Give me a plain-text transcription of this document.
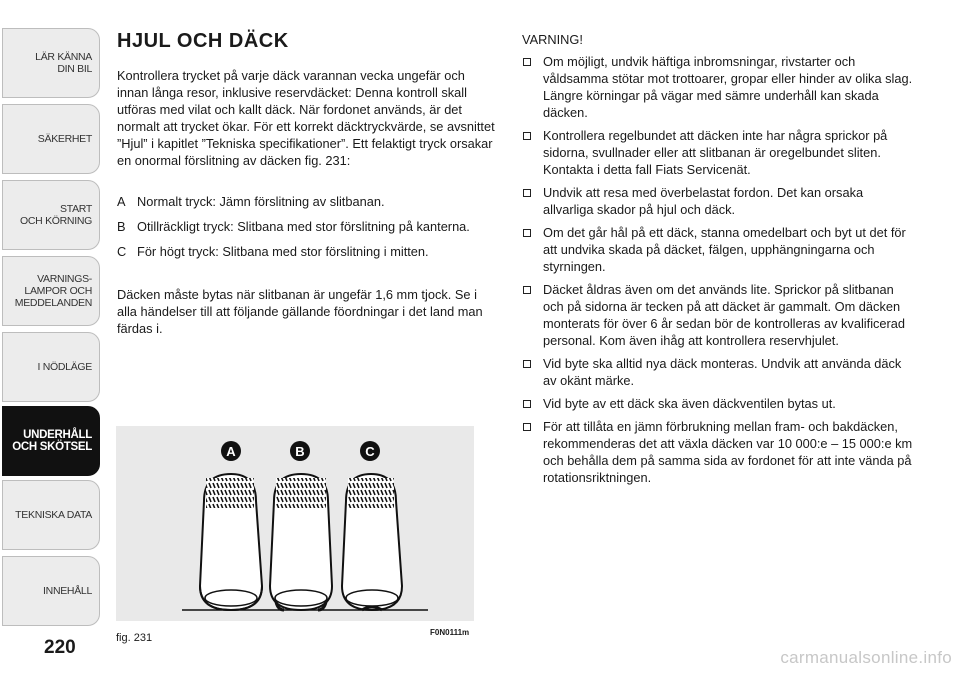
LÄR KÄNNA
DIN BIL
SÄKERHET
START
OCH KÖRNING
VARNINGS-
LAMPOR OCH
MEDDELANDEN
I NÖDLÄGE
UNDERHÅLL
OCH SKÖTSEL
TEKNISKA DATA
INNEHÅLL
220
HJUL OCH DÄCK

Kontrollera trycket på varje däck varannan vecka ungefär och innan långa resor, inklusive reservdäcket: Denna kontroll skall utföras med vilat och kallt däck. När fordonet används, är det normalt att trycket ökar. För ett korrekt däcktryckvärde, se avsnittet ”Hjul” i kapitlet ”Tekniska specifikationer”. Ett felaktigt tryck orsakar en onormal förslitning av däcken fig. 231:

A Normalt tryck: Jämn förslitning av slitbanan.
B Otillräckligt tryck: Slitbana med stor förslitning på kanterna.
C För högt tryck: Slitbana med stor förslitning i mitten.

Däcken måste bytas när slitbanan är ungefär 1,6 mm tjock. Se i alla händelser till att följande gällande föordningar i det land man färdas i.

A	B	C
fig. 231	F0N0111m

VARNING!

Om möjligt, undvik häftiga inbromsningar, rivstarter och våldsamma stötar mot trottoarer, gropar eller hinder av olika slag. Längre körningar på vägar med sämre underhåll kan skada däcken.
Kontrollera regelbundet att däcken inte har några sprickor på sidorna, svullnader eller att slitbanan är oregelbundet sliten. Kontakta i detta fall Fiats Servicenät.
Undvik att resa med överbelastat fordon. Det kan orsaka allvarliga skador på hjul och däck.
Om det går hål på ett däck, stanna omedelbart och byt ut det för att undvika skada på däcket, fälgen, upphängningarna och styrningen.
Däcket åldras även om det används lite. Sprickor på slitbanan och på sidorna är tecken på att däcket är gammalt. Om däcken monterats för över 6 år sedan bör de kontrolleras av kvalificerad personal. Kom även ihåg att kontrollera reservhjulet.
Vid byte ska alltid nya däck monteras. Undvik att använda däck av okänt märke.
Vid byte av ett däck ska även däckventilen bytas ut.
För att tillåta en jämn förbrukning mellan fram- och bakdäcken, rekommenderas det att växla däcken var 10 000:e – 15 000:e km och behålla dem på samma sida av fordonet för att inte vända på rotationsriktningen.
carmanualsonline.info
